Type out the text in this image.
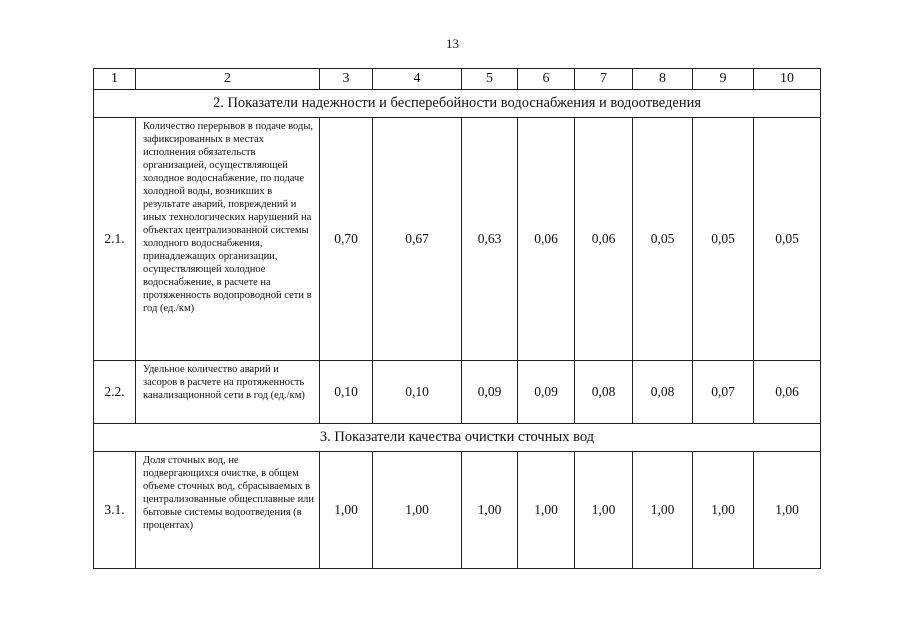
13
1	2	3	4	5	6	7	8	9	10
2. Показатели надежности и бесперебойности водоснабжения и водоотведения									
2.1.	Количество перерывов в подаче воды, зафиксированных в местах исполнения обязательств организацией, осуществляющей холодное водоснабжение, по подаче холодной воды, возникших в результате аварий, повреждений и иных технологических нарушений на объектах централизованной системы холодного водоснабжения, принадлежащих организации, осуществляющей холодное водоснабжение, в расчете на протяженность водопроводной сети в год (ед./км)	0,70	0,67	0,63	0,06	0,06	0,05	0,05	0,05
2.2.	Удельное количество аварий и засоров в расчете на протяженность канализационной сети в год (ед./км)	0,10	0,10	0,09	0,09	0,08	0,08	0,07	0,06
3. Показатели качества очистки сточных вод									
3.1.	Доля сточных вод, не подвергающихся очистке, в общем объеме сточных вод, сбрасываемых в централизованные общесплавные или бытовые системы водоотведения (в процентах)	1,00	1,00	1,00	1,00	1,00	1,00	1,00	1,00
